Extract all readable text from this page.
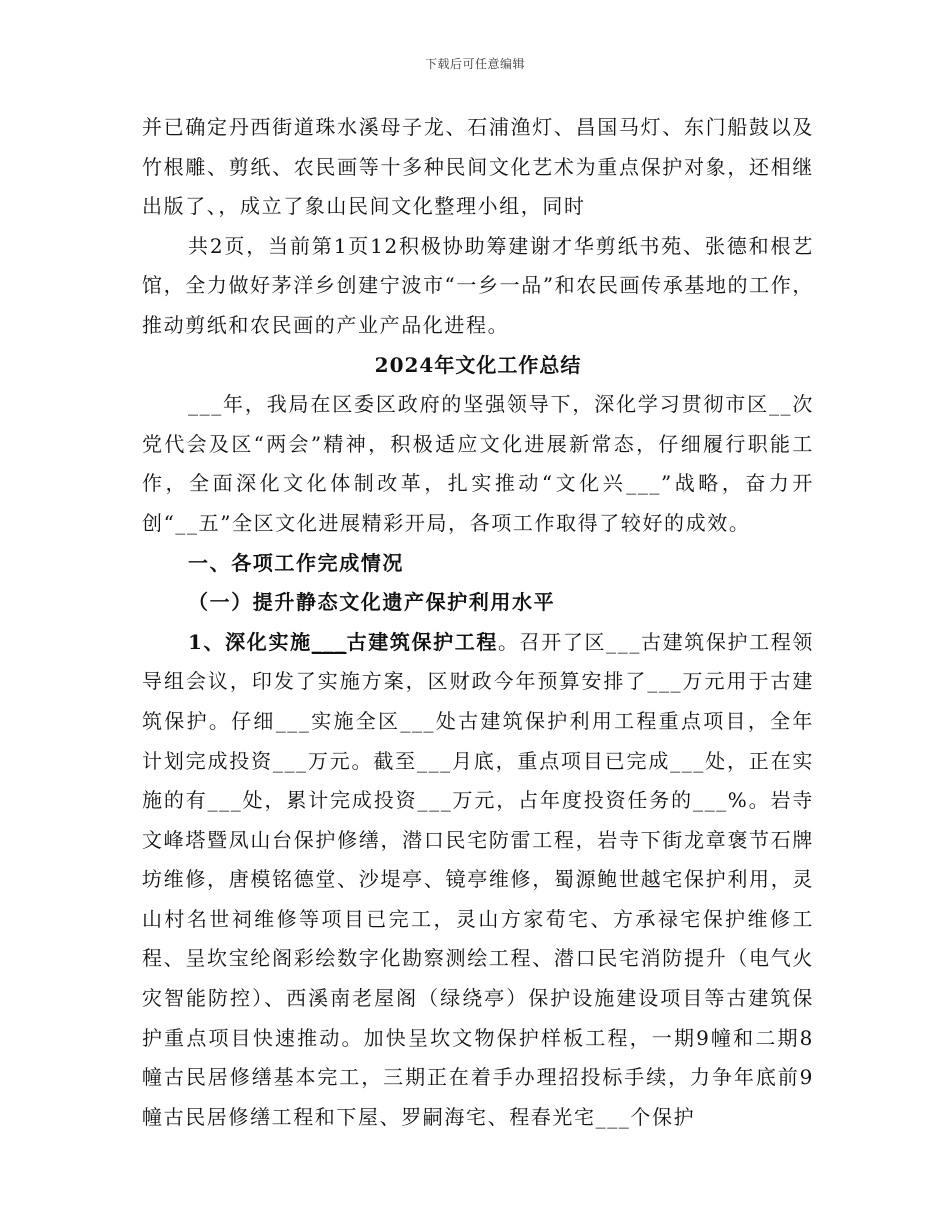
下载后可任意编辑

并已确定丹西街道珠水溪母子龙、石浦渔灯、昌国马灯、东门船鼓以及竹根雕、剪纸、农民画等十多种民间文化艺术为重点保护对象，还相继出版了、，成立了象山民间文化整理小组，同时

共2页，当前第1页12积极协助筹建谢才华剪纸书苑、张德和根艺馆，全力做好茅洋乡创建宁波市“一乡一品”和农民画传承基地的工作，推动剪纸和农民画的产业产品化进程。

2024年文化工作总结

___年，我局在区委区政府的坚强领导下，深化学习贯彻市区__次党代会及区“两会”精神，积极适应文化进展新常态，仔细履行职能工作，全面深化文化体制改革，扎实推动“文化兴___”战略，奋力开创“__五”全区文化进展精彩开局，各项工作取得了较好的成效。

一、各项工作完成情况

（一）提升静态文化遗产保护利用水平

1、深化实施___古建筑保护工程。召开了区___古建筑保护工程领导组会议，印发了实施方案，区财政今年预算安排了___万元用于古建筑保护。仔细___实施全区___处古建筑保护利用工程重点项目，全年计划完成投资___万元。截至___月底，重点项目已完成___处，正在实施的有___处，累计完成投资___万元，占年度投资任务的___%。岩寺文峰塔暨凤山台保护修缮，潜口民宅防雷工程，岩寺下街龙章褒节石牌坊维修，唐模铭德堂、沙堤亭、镜亭维修，蜀源鲍世越宅保护利用，灵山村名世祠维修等项目已完工，灵山方家荀宅、方承禄宅保护维修工程、呈坎宝纶阁彩绘数字化勘察测绘工程、潜口民宅消防提升（电气火灾智能防控）、西溪南老屋阁（绿绕亭）保护设施建设项目等古建筑保护重点项目快速推动。加快呈坎文物保护样板工程，一期9幢和二期8幢古民居修缮基本完工，三期正在着手办理招投标手续，力争年底前9幢古民居修缮工程和下屋、罗嗣海宅、程春光宅___个保护
